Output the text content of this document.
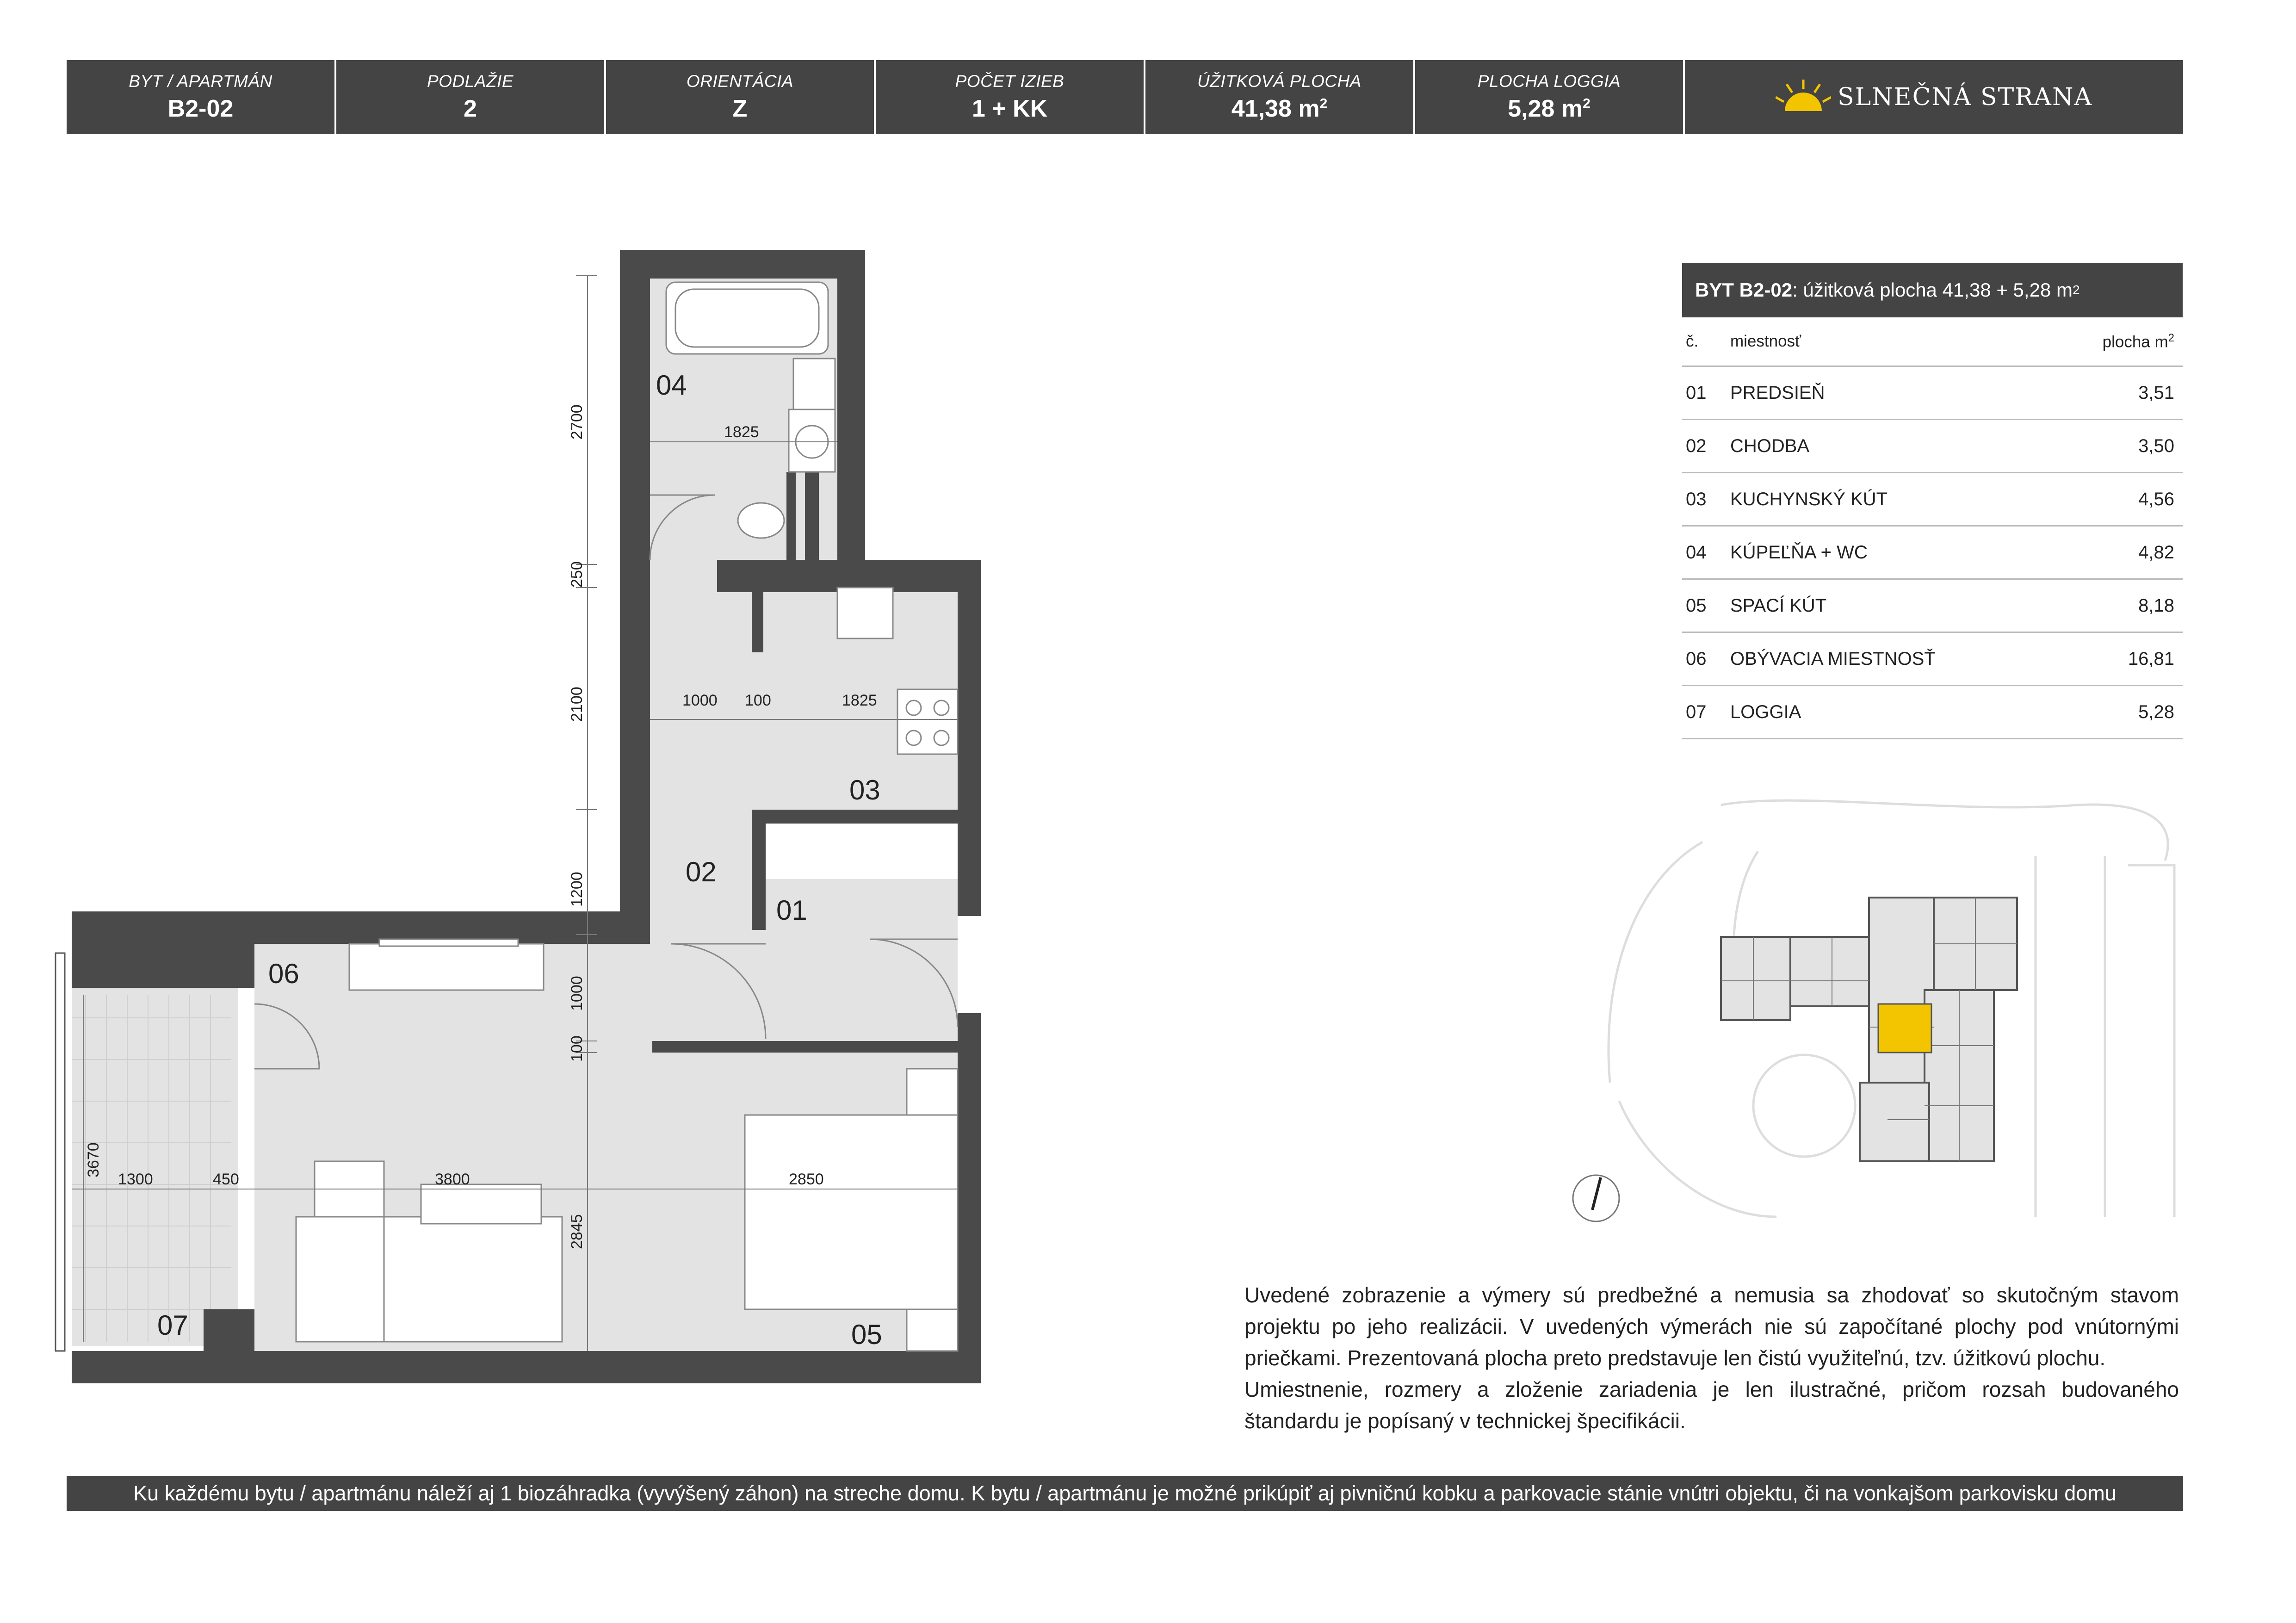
BYT / APARTMÁN
B2-02
PODLAŽIE
2
ORIENTÁCIA
Z
POČET IZIEB
1 + KK
ÚŽITKOVÁ PLOCHA
41,38 $m^2$
PLOCHA LOGGIA
5,28 $m^2$	SLNEČNÁ STRANA
04
03
02
01
06
05
07
2700
250
2100
1200
1000
100
2845
3670
1825
1000 100	1825
1300	450	3800	2850
BYT B2-02 : úžitková plocha 41,38 + 5,28 m 2
č.	miestnosť	plocha $m^2$
01	PREDSIEŇ	3,51
02	CHODBA	3,50
03	KUCHYNSKÝ KÚT	4,56
04	KÚPEĽŇA + WC	4,82
05	SPACÍ KÚT	8,18
06	OBÝVACIA MIESTNOSŤ	16,81
07	LOGGIA	5,28

Uvedené zobrazenie a výmery sú predbežné a nemusia sa zhodovať so skutočným stavom projektu po jeho realizácii. V uvedených výmerách nie sú započítané plochy pod vnútornými priečkami. Prezentovaná plocha preto predstavuje len čistú využiteľnú, tzv. úžitkovú plochu.

Umiestnenie, rozmery a zloženie zariadenia je len ilustračné, pričom rozsah budovaného štandardu je popísaný v technickej špecifikácii.

Ku každému bytu / apartmánu náleží aj 1 biozáhradka (vyvýšený záhon) na streche domu. K bytu / apartmánu je možné prikúpiť aj pivničnú kobku a parkovacie stánie vnútri objektu, či na vonkajšom parkovisku domu
